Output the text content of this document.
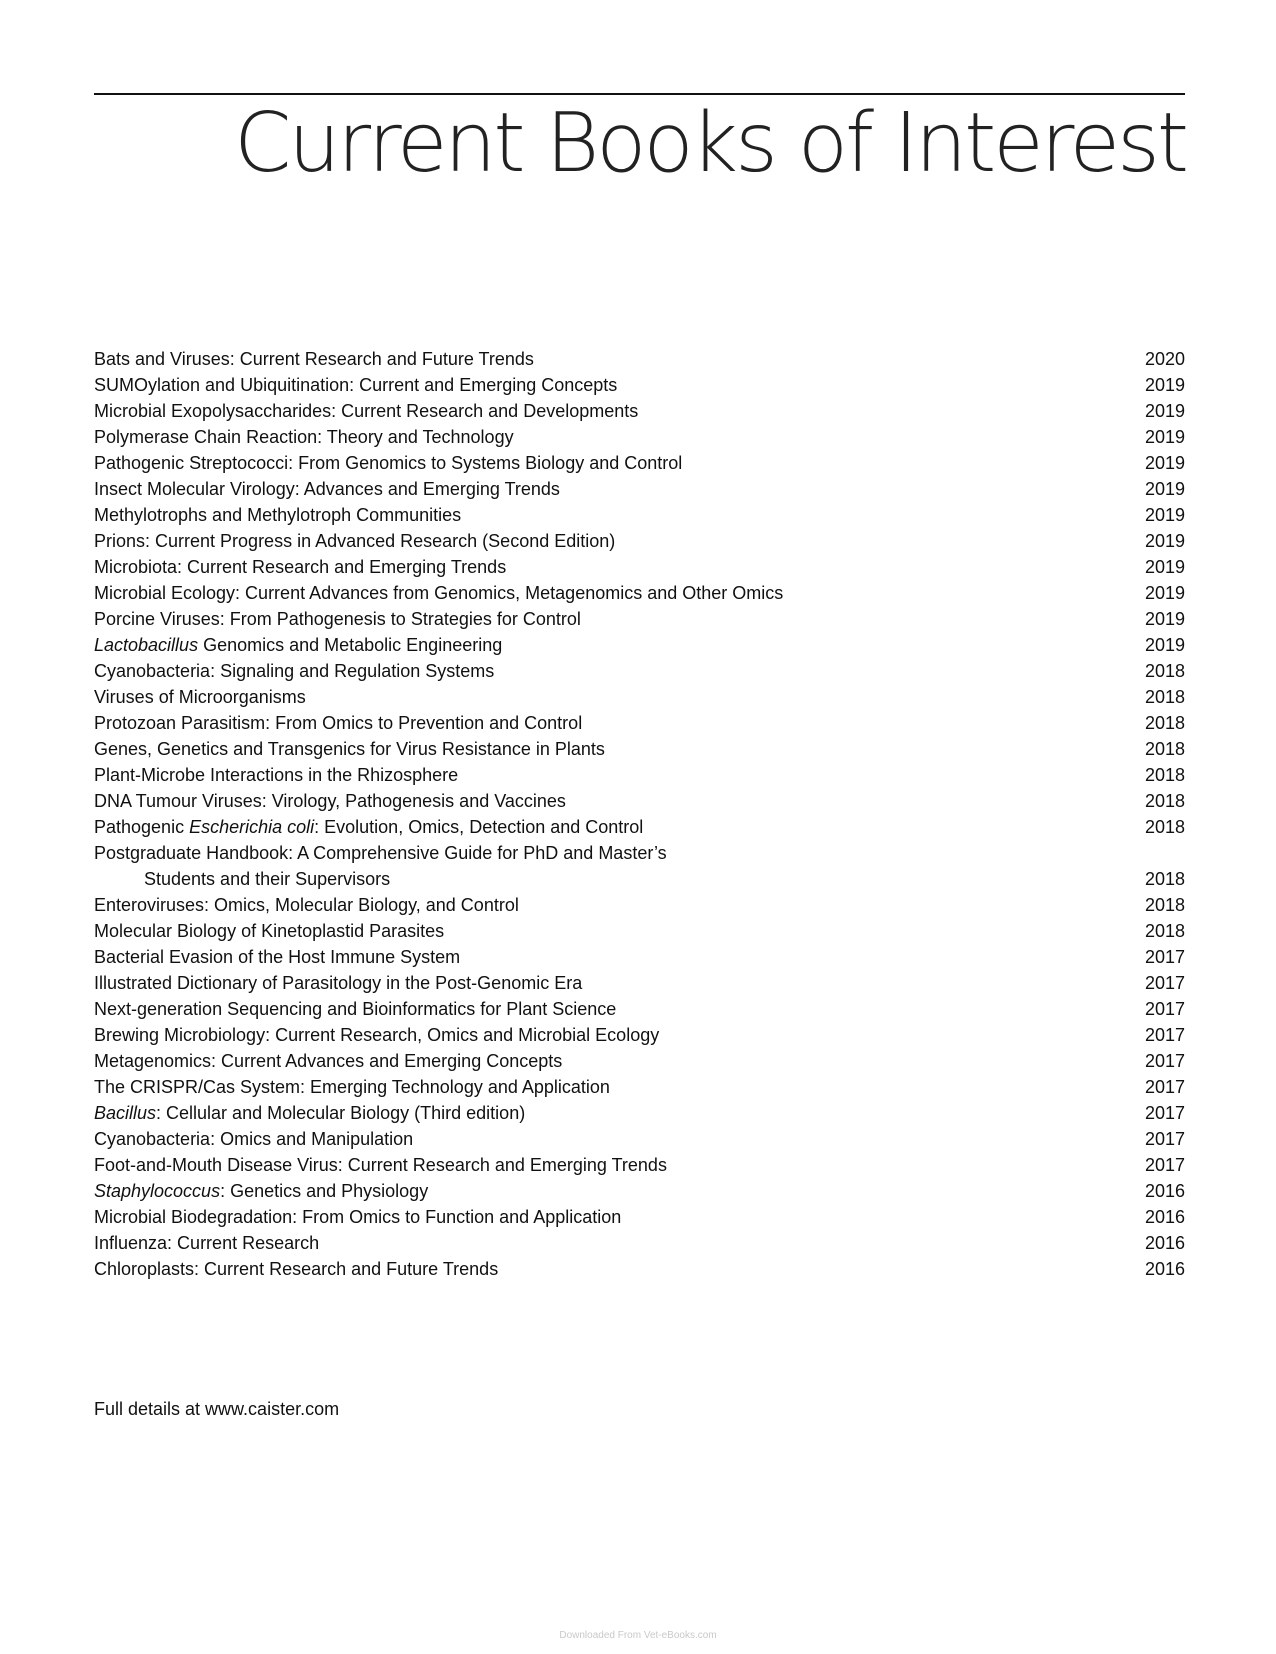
Current Books of Interest
Bats and Viruses: Current Research and Future Trends	2020
SUMOylation and Ubiquitination: Current and Emerging Concepts	2019
Microbial Exopolysaccharides: Current Research and Developments	2019
Polymerase Chain Reaction: Theory and Technology	2019
Pathogenic Streptococci: From Genomics to Systems Biology and Control	2019
Insect Molecular Virology: Advances and Emerging Trends	2019
Methylotrophs and Methylotroph Communities	2019
Prions: Current Progress in Advanced Research (Second Edition)	2019
Microbiota: Current Research and Emerging Trends	2019
Microbial Ecology: Current Advances from Genomics, Metagenomics and Other Omics	2019
Porcine Viruses: From Pathogenesis to Strategies for Control	2019
Lactobacillus Genomics and Metabolic Engineering	2019
Cyanobacteria: Signaling and Regulation Systems	2018
Viruses of Microorganisms	2018
Protozoan Parasitism: From Omics to Prevention and Control	2018
Genes, Genetics and Transgenics for Virus Resistance in Plants	2018
Plant-Microbe Interactions in the Rhizosphere	2018
DNA Tumour Viruses: Virology, Pathogenesis and Vaccines	2018
Pathogenic Escherichia coli: Evolution, Omics, Detection and Control	2018
Postgraduate Handbook: A Comprehensive Guide for PhD and Master’s
Students and their Supervisors	2018
Enteroviruses: Omics, Molecular Biology, and Control	2018
Molecular Biology of Kinetoplastid Parasites	2018
Bacterial Evasion of the Host Immune System	2017
Illustrated Dictionary of Parasitology in the Post-Genomic Era	2017
Next-generation Sequencing and Bioinformatics for Plant Science	2017
Brewing Microbiology: Current Research, Omics and Microbial Ecology	2017
Metagenomics: Current Advances and Emerging Concepts	2017
The CRISPR/Cas System: Emerging Technology and Application	2017
Bacillus: Cellular and Molecular Biology (Third edition)	2017
Cyanobacteria: Omics and Manipulation	2017
Foot-and-Mouth Disease Virus: Current Research and Emerging Trends	2017
Staphylococcus: Genetics and Physiology	2016
Microbial Biodegradation: From Omics to Function and Application	2016
Influenza: Current Research	2016
Chloroplasts: Current Research and Future Trends	2016

Full details at www.caister.com

Downloaded From Vet-eBooks.com
